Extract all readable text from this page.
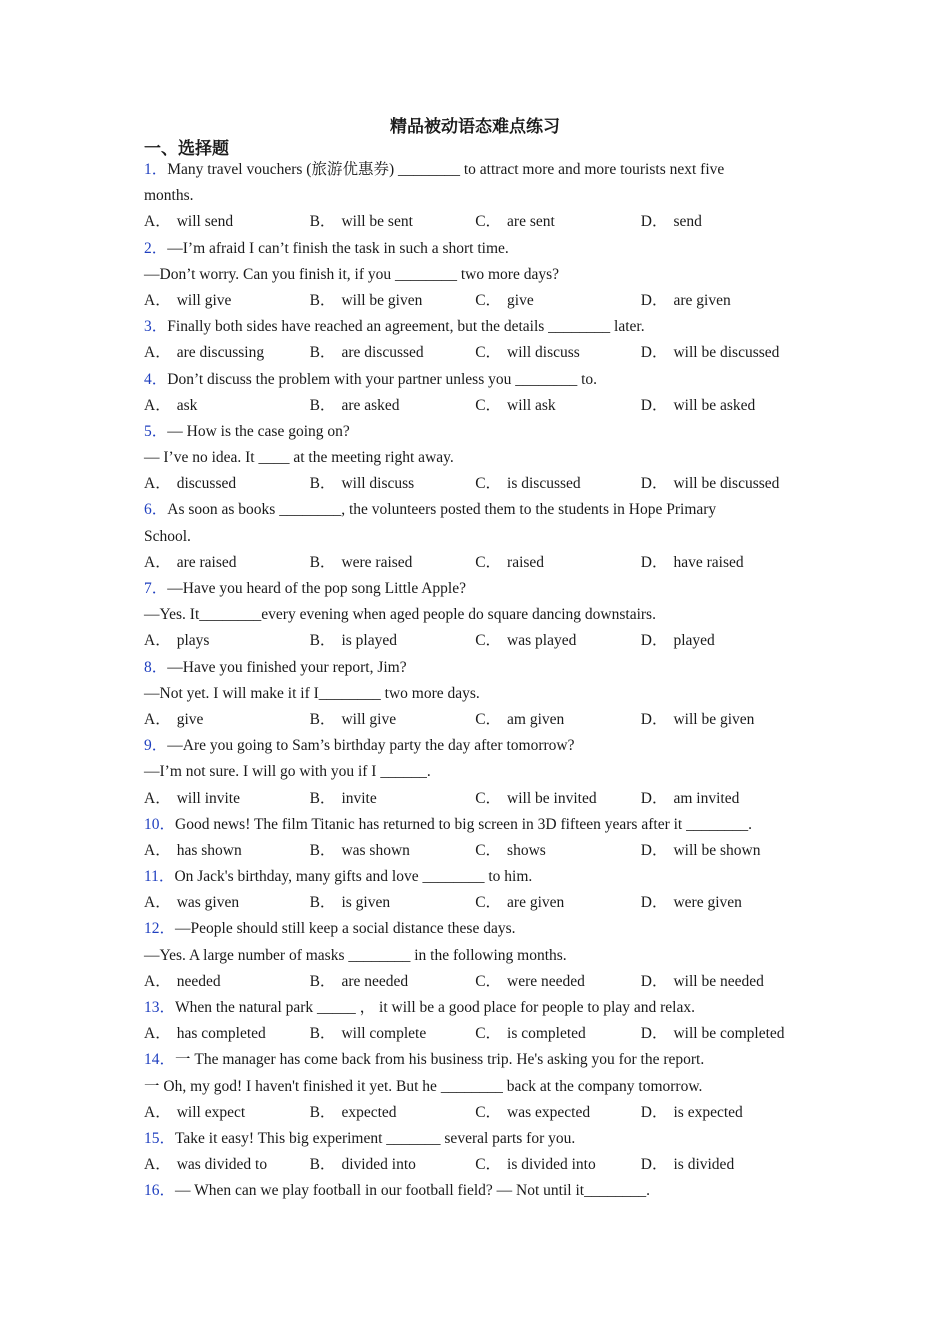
精品被动语态难点练习
一、选择题
1．Many travel vouchers (旅游优惠券) ________ to attract more and more tourists next five
months.
A． will send	B． will be sent	C． are sent	D． send
2．—I’m afraid I can’t finish the task in such a short time.
—Don’t worry. Can you finish it, if you ________ two more days?
A． will give	B． will be given	C． give	D． are given
3．Finally both sides have reached an agreement, but the details ________ later.
A． are discussing	B． are discussed	C． will discuss	D． will be discussed
4．Don’t discuss the problem with your partner unless you ________ to.
A． ask	B． are asked	C． will ask	D． will be asked
5．— How is the case going on?
— I’ve no idea. It ____ at the meeting right away.
A． discussed	B． will discuss	C． is discussed	D． will be discussed
6．As soon as books ________, the volunteers posted them to the students in Hope Primary
School.
A． are raised	B． were raised	C． raised	D． have raised
7．—Have you heard of the pop song Little Apple?
—Yes. It________every evening when aged people do square dancing downstairs.
A． plays	B． is played	C． was played	D． played
8．—Have you finished your report, Jim?
—Not yet. I will make it if I________ two more days.
A． give	B． will give	C． am given	D． will be given
9．—Are you going to Sam’s birthday party the day after tomorrow?
—I’m not sure. I will go with you if I ______.
A． will invite	B． invite	C． will be invited	D． am invited
10．Good news! The film Titanic has returned to big screen in 3D fifteen years after it ________.
A． has shown	B． was shown	C． shows	D． will be shown
11．On Jack's birthday, many gifts and love ________ to him.
A． was given	B． is given	C． are given	D． were given
12．—People should still keep a social distance these days.
—Yes. A large number of masks ________ in the following months.
A． needed	B． are needed	C． were needed	D． will be needed
13．When the natural park _____ ， it will be a good place for people to play and relax.
A． has completed	B． will complete	C． is completed	D． will be completed
14．一 The manager has come back from his business trip. He's asking you for the report.
一 Oh, my god! I haven't finished it yet. But he ________ back at the company tomorrow.
A． will expect	B． expected	C． was expected	D． is expected
15．Take it easy! This big experiment _______ several parts for you.
A． was divided to	B． divided into	C． is divided into	D． is divided
16．— When can we play football in our football field? — Not until it________.
